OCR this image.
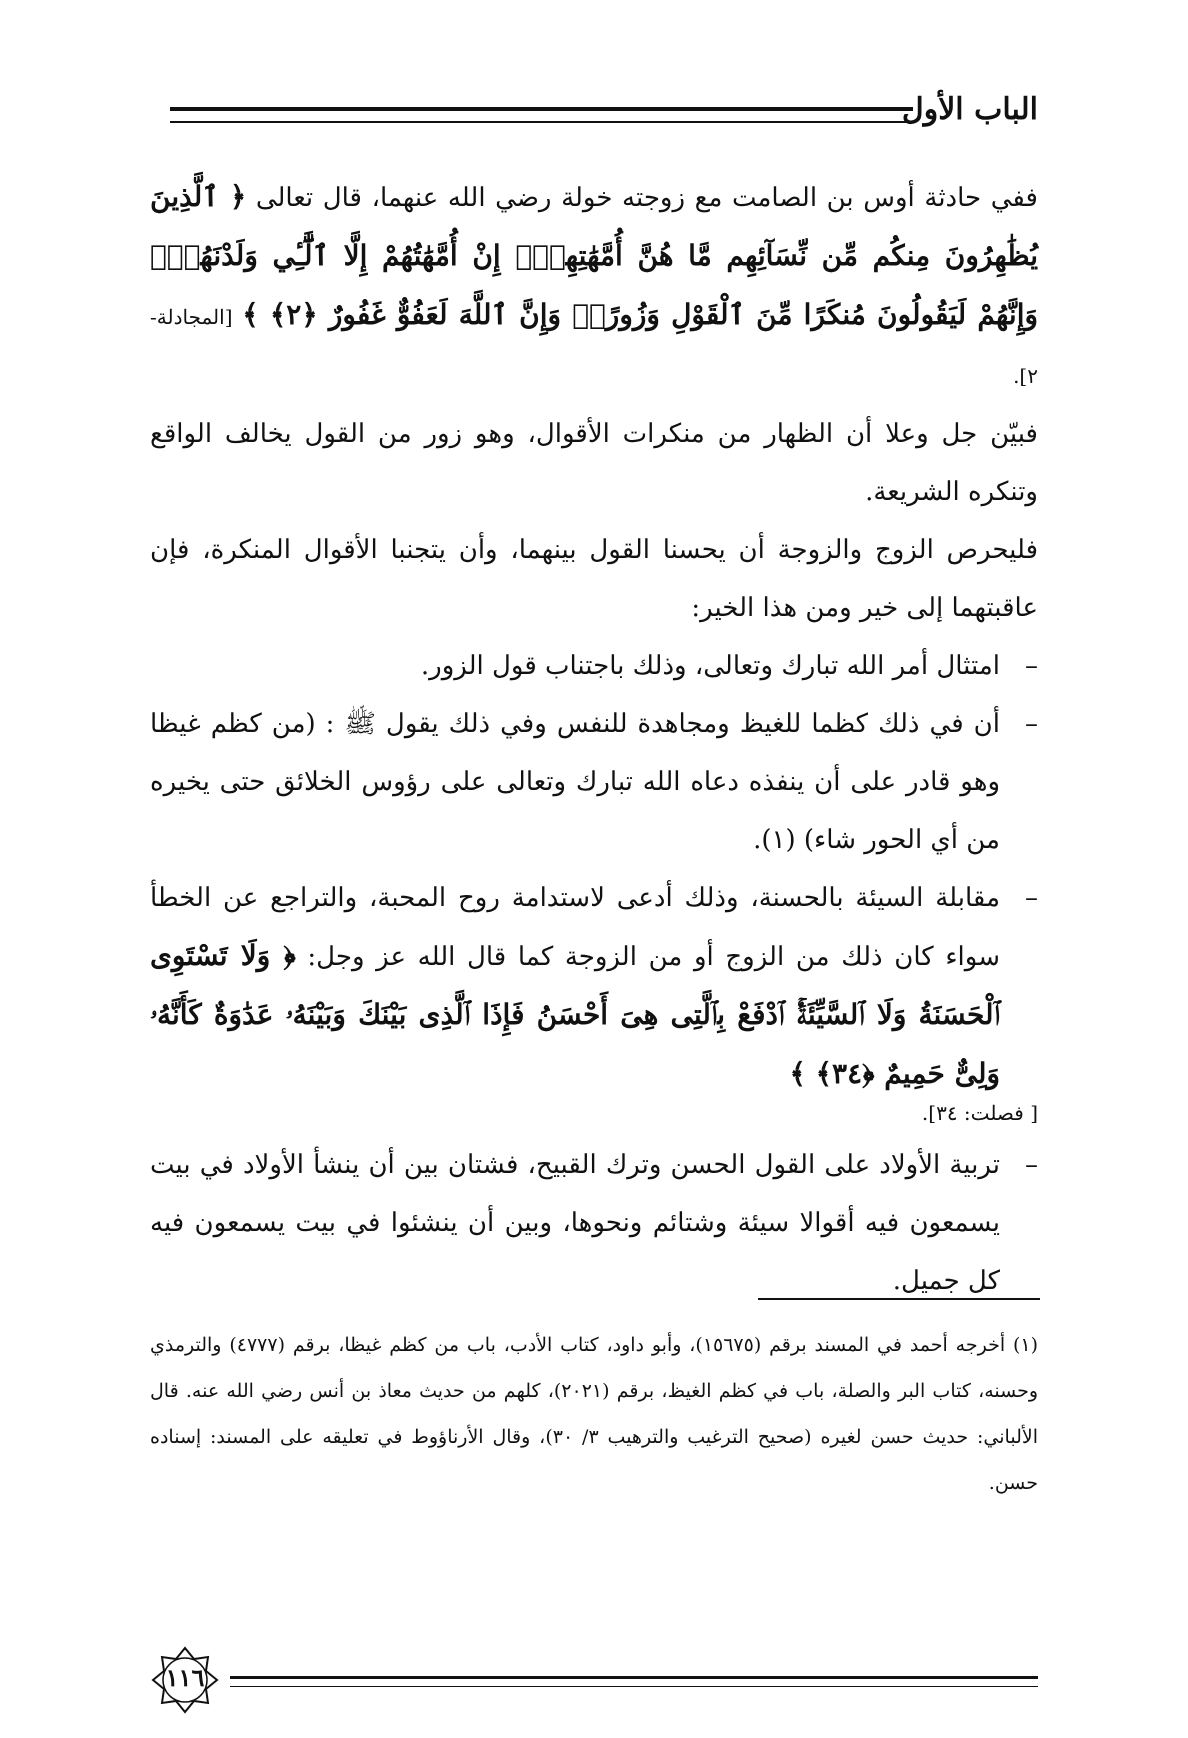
الباب الأول

ففي حادثة أوس بن الصامت مع زوجته خولة رضي الله عنهما، قال تعالى ﴿ ٱلَّذِينَ يُظَٰهِرُونَ مِنكُم مِّن نِّسَآئِهِم مَّا هُنَّ أُمَّهَٰتِهِمْۖ إِنْ أُمَّهَٰتُهُمْ إِلَّا ٱلَّٰٓـِٔي وَلَدْنَهُمْۚ وَإِنَّهُمْ لَيَقُولُونَ مُنكَرًا مِّنَ ٱلْقَوْلِ وَزُورًاۚ وَإِنَّ ٱللَّهَ لَعَفُوٌّ غَفُورٌ ﴿٢﴾ ﴾ [المجادلة- ٢].

فبيّن جل وعلا أن الظهار من منكرات الأقوال، وهو زور من القول يخالف الواقع وتنكره الشريعة.

فليحرص الزوج والزوجة أن يحسنا القول بينهما، وأن يتجنبا الأقوال المنكرة، فإن عاقبتهما إلى خير ومن هذا الخير:

–
امتثال أمر الله تبارك وتعالى، وذلك باجتناب قول الزور.

–
أن في ذلك كظما للغيظ ومجاهدة للنفس وفي ذلك يقول ﷺ : (من كظم غيظا وهو قادر على أن ينفذه دعاه الله تبارك وتعالى على رؤوس الخلائق حتى يخيره من أي الحور شاء) (١).

–
مقابلة السيئة بالحسنة، وذلك أدعى لاستدامة روح المحبة، والتراجع عن الخطأ سواء كان ذلك من الزوج أو من الزوجة كما قال الله عز وجل: ﴿ وَلَا تَسْتَوِى ٱلْحَسَنَةُ وَلَا ٱلسَّيِّئَةُۚ ٱدْفَعْ بِٱلَّتِى هِىَ أَحْسَنُ فَإِذَا ٱلَّذِى بَيْنَكَ وَبَيْنَهُۥ عَدَٰوَةٌ كَأَنَّهُۥ وَلِىٌّ حَمِيمٌ ﴿٣٤﴾ ﴾

[ فصلت: ٣٤].

–
تربية الأولاد على القول الحسن وترك القبيح، فشتان بين أن ينشأ الأولاد في بيت يسمعون فيه أقوالا سيئة وشتائم ونحوها، وبين أن ينشئوا في بيت يسمعون فيه كل جميل.

(١) أخرجه أحمد في المسند برقم (١٥٦٧٥)، وأبو داود، كتاب الأدب، باب من كظم غيظا، برقم (٤٧٧٧) والترمذي وحسنه، كتاب البر والصلة، باب في كظم الغيظ، برقم (٢٠٢١)، كلهم من حديث معاذ بن أنس رضي الله عنه. قال الألباني: حديث حسن لغيره (صحيح الترغيب والترهيب ٣/ ٣٠)، وقال الأرناؤوط في تعليقه على المسند: إسناده حسن.

١١٦
